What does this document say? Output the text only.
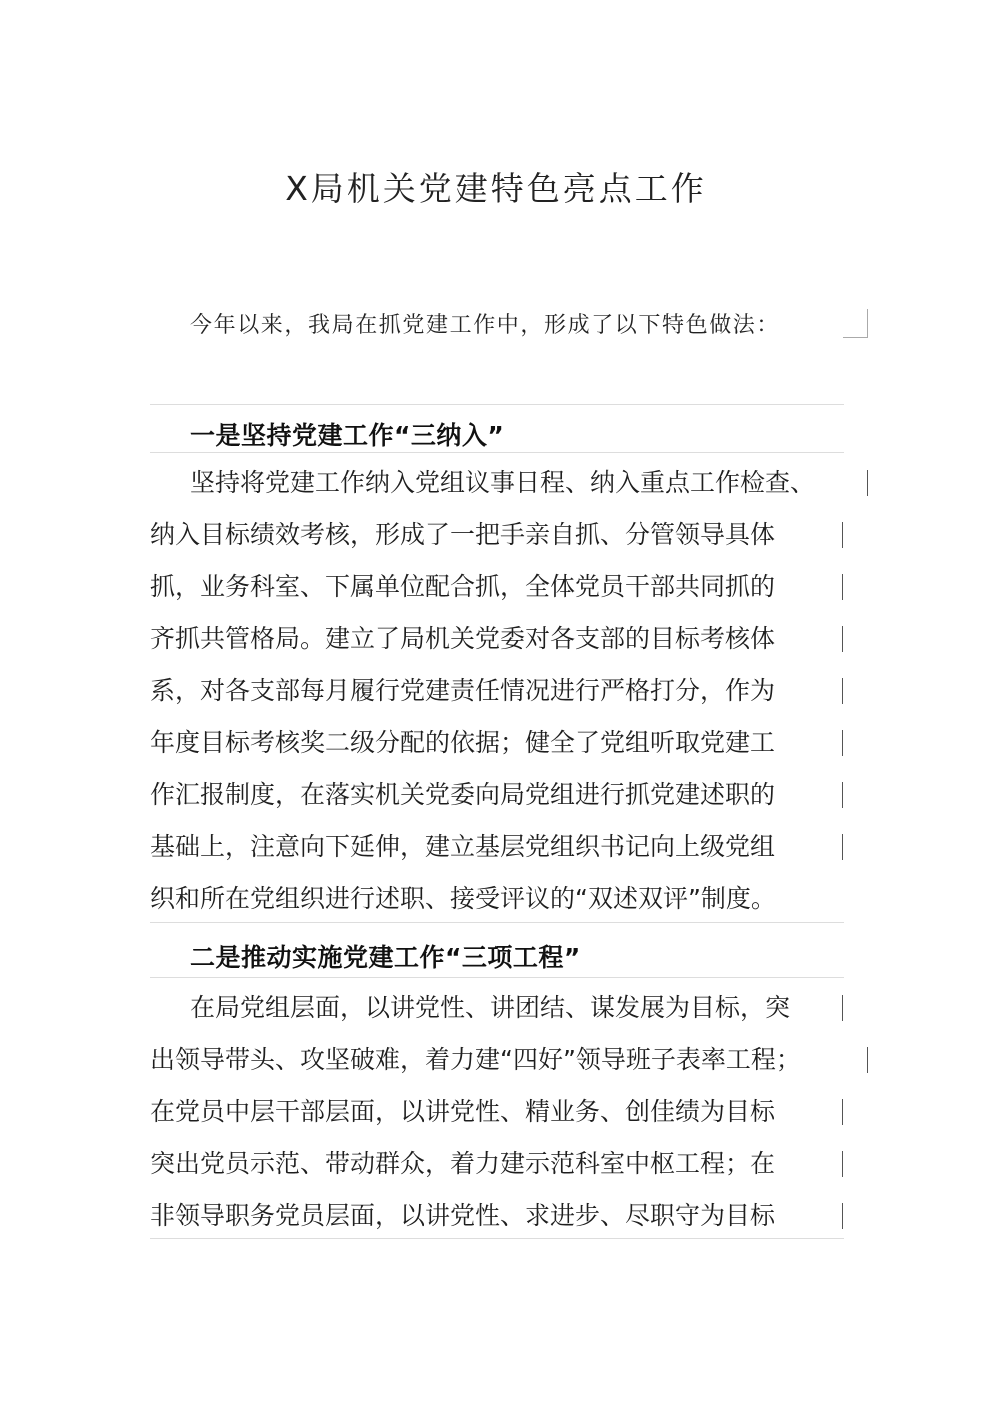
X局机关党建特色亮点工作
今年以来，我局在抓党建工作中，形成了以下特色做法：
一是坚持党建工作“三纳入”
坚持将党建工作纳入党组议事日程、纳入重点工作检查、
纳入目标绩效考核，形成了一把手亲自抓、分管领导具体
抓，业务科室、下属单位配合抓，全体党员干部共同抓的
齐抓共管格局。建立了局机关党委对各支部的目标考核体
系，对各支部每月履行党建责任情况进行严格打分，作为
年度目标考核奖二级分配的依据；健全了党组听取党建工
作汇报制度，在落实机关党委向局党组进行抓党建述职的
基础上，注意向下延伸，建立基层党组织书记向上级党组
织和所在党组织进行述职、接受评议的“双述双评”制度。
二是推动实施党建工作“三项工程”
在局党组层面，以讲党性、讲团结、谋发展为目标，突
出领导带头、攻坚破难，着力建“四好”领导班子表率工程；
在党员中层干部层面，以讲党性、精业务、创佳绩为目标
突出党员示范、带动群众，着力建示范科室中枢工程；在
非领导职务党员层面，以讲党性、求进步、尽职守为目标
